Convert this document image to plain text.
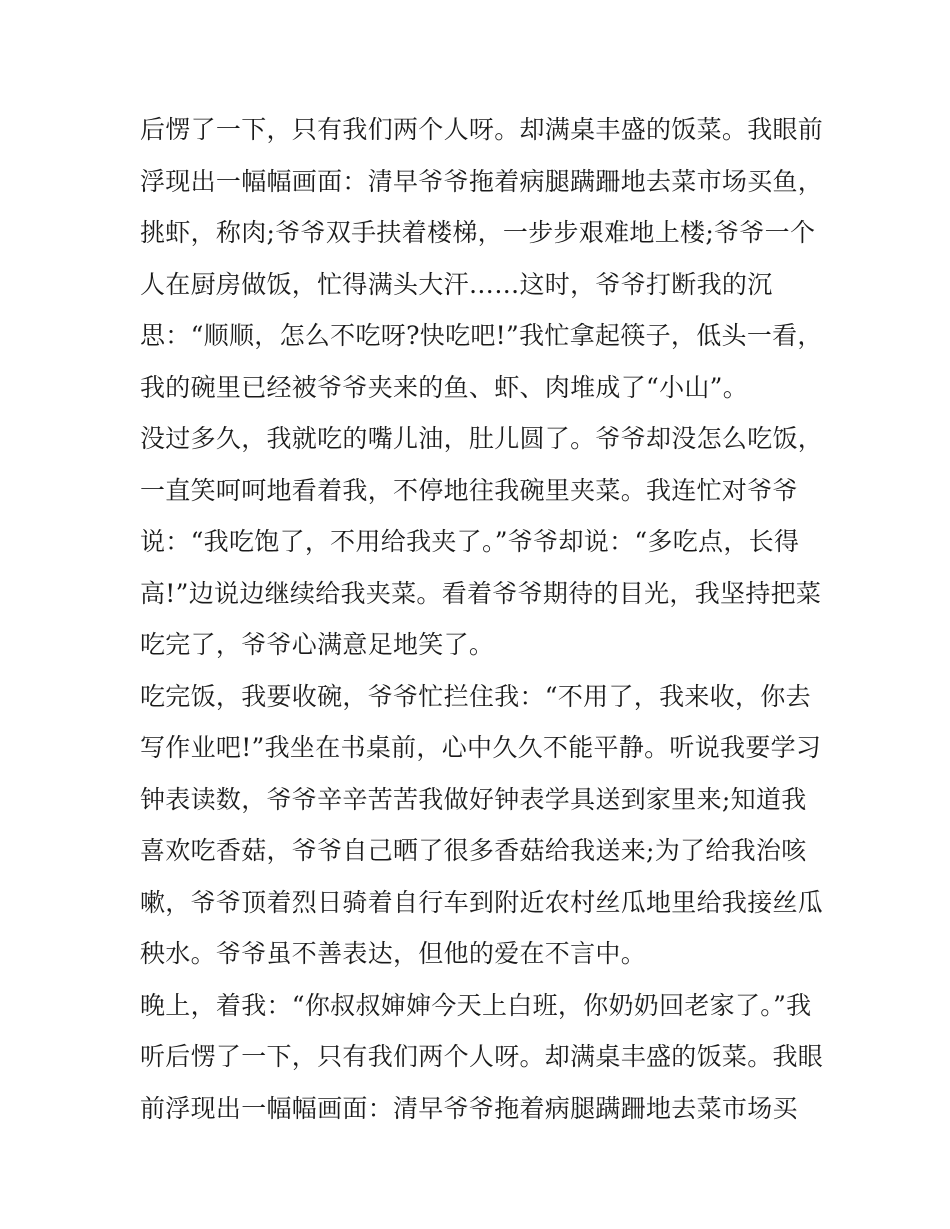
后愣了一下，只有我们两个人呀。却满桌丰盛的饭菜。我眼前
浮现出一幅幅画面：清早爷爷拖着病腿蹒跚地去菜市场买鱼，
挑虾，称肉;爷爷双手扶着楼梯，一步步艰难地上楼;爷爷一个
人在厨房做饭，忙得满头大汗……这时，爷爷打断我的沉
思：“顺顺，怎么不吃呀?快吃吧!”我忙拿起筷子，低头一看，
我的碗里已经被爷爷夹来的鱼、虾、肉堆成了“小山”。
没过多久，我就吃的嘴儿油，肚儿圆了。爷爷却没怎么吃饭，
一直笑呵呵地看着我，不停地往我碗里夹菜。我连忙对爷爷
说：“我吃饱了，不用给我夹了。”爷爷却说：“多吃点，长得
高!”边说边继续给我夹菜。看着爷爷期待的目光，我坚持把菜
吃完了，爷爷心满意足地笑了。
吃完饭，我要收碗，爷爷忙拦住我：“不用了，我来收，你去
写作业吧!”我坐在书桌前，心中久久不能平静。听说我要学习
钟表读数，爷爷辛辛苦苦我做好钟表学具送到家里来;知道我
喜欢吃香菇，爷爷自己晒了很多香菇给我送来;为了给我治咳
嗽，爷爷顶着烈日骑着自行车到附近农村丝瓜地里给我接丝瓜
秧水。爷爷虽不善表达，但他的爱在不言中。
晚上，着我：“你叔叔婶婶今天上白班，你奶奶回老家了。”我
听后愣了一下，只有我们两个人呀。却满桌丰盛的饭菜。我眼
前浮现出一幅幅画面：清早爷爷拖着病腿蹒跚地去菜市场买
